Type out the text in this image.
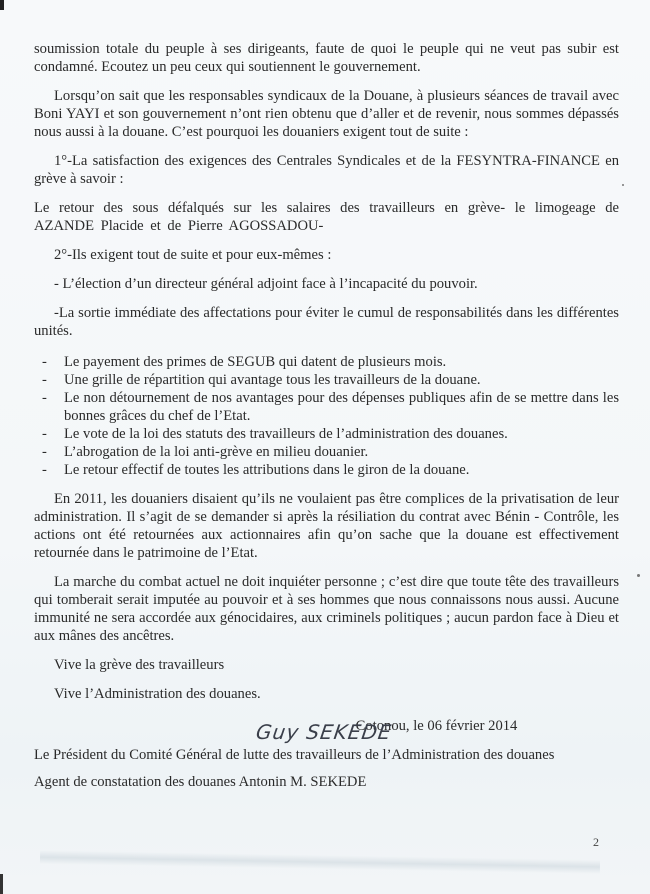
soumission totale du peuple à ses dirigeants, faute de quoi le peuple qui ne veut pas subir est condamné. Ecoutez un peu ceux qui soutiennent le gouvernement.

Lorsqu’on sait que les responsables syndicaux de la Douane, à plusieurs séances de travail avec Boni YAYI et son gouvernement n’ont rien obtenu que d’aller et de revenir, nous sommes dépassés nous aussi à la douane. C’est pourquoi les douaniers exigent tout de suite :

1°-La satisfaction des exigences des Centrales Syndicales et de la FESYNTRA-FINANCE en grève à savoir :

Le retour des sous défalqués sur les salaires des travailleurs en grève- le limogeage de AZANDE Placide et de Pierre AGOSSADOU-

2°-Ils exigent tout de suite et pour eux-mêmes :

- L’élection d’un directeur général adjoint face à l’incapacité du pouvoir.

-La sortie immédiate des affectations pour éviter le cumul de responsabilités dans les différentes unités.

- Le payement des primes de SEGUB qui datent de plusieurs mois.
- Une grille de répartition qui avantage tous les travailleurs de la douane.
- Le non détournement de nos avantages pour des dépenses publiques afin de se mettre dans les bonnes grâces du chef de l’Etat.
- Le vote de la loi des statuts des travailleurs de l’administration des douanes.
- L’abrogation de la loi anti-grève en milieu douanier.
- Le retour effectif de toutes les attributions dans le giron de la douane.

En 2011, les douaniers disaient qu’ils ne voulaient pas être complices de la privatisation de leur administration. Il s’agit de se demander si après la résiliation du contrat avec Bénin - Contrôle, les actions ont été retournées aux actionnaires afin qu’on sache que la douane est effectivement retournée dans le patrimoine de l’Etat.

La marche du combat actuel ne doit inquiéter personne ; c’est dire que toute tête des travailleurs qui tomberait serait imputée au pouvoir et à ses hommes que nous connaissons nous aussi. Aucune immunité ne sera accordée aux génocidaires, aux criminels politiques ; aucun pardon face à Dieu et aux mânes des ancêtres.

Vive la grève des travailleurs

Vive l’Administration des douanes.

Cotonou, le 06 février 2014

Le Président du Comité Général de lutte des travailleurs de l’Administration des douanes

Guy SEKEDE

Agent de constatation des douanes Antonin M. SEKEDE

2
